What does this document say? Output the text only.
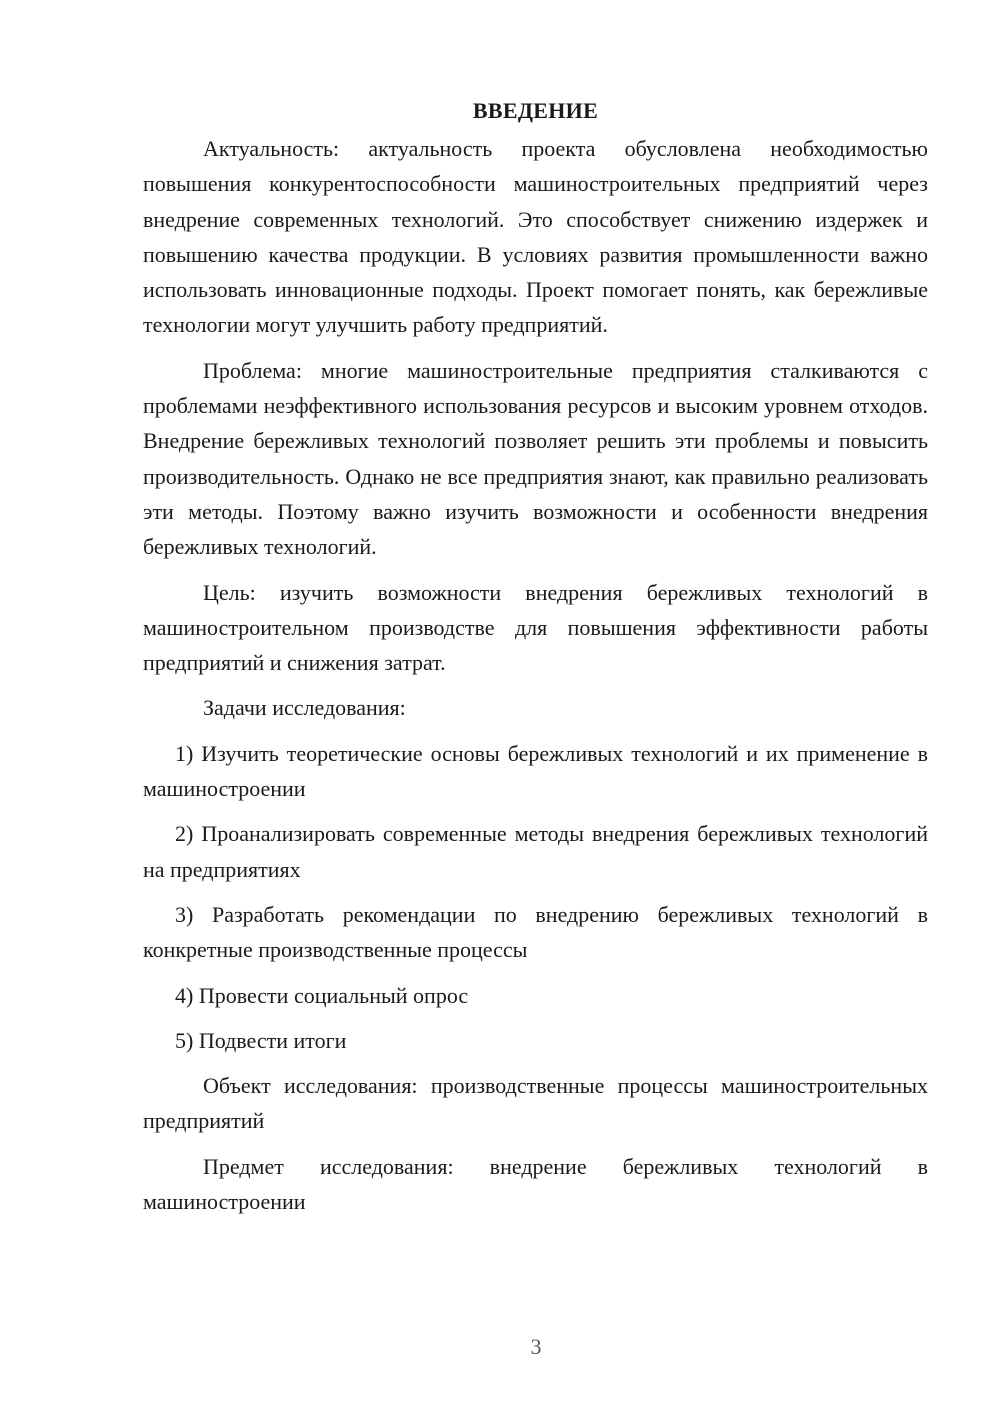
ВВЕДЕНИЕ

Актуальность: актуальность проекта обусловлена необходимостью повышения конкурентоспособности машиностроительных предприятий через внедрение современных технологий. Это способствует снижению издержек и повышению качества продукции. В условиях развития промышленности важно использовать инновационные подходы. Проект помогает понять, как бережливые технологии могут улучшить работу предприятий.

Проблема: многие машиностроительные предприятия сталкиваются с проблемами неэффективного использования ресурсов и высоким уровнем отходов. Внедрение бережливых технологий позволяет решить эти проблемы и повысить производительность. Однако не все предприятия знают, как правильно реализовать эти методы. Поэтому важно изучить возможности и особенности внедрения бережливых технологий.

Цель: изучить возможности внедрения бережливых технологий в машиностроительном производстве для повышения эффективности работы предприятий и снижения затрат.

Задачи исследования:

1) Изучить теоретические основы бережливых технологий и их применение в машиностроении

2) Проанализировать современные методы внедрения бережливых технологий на предприятиях

3) Разработать рекомендации по внедрению бережливых технологий в конкретные производственные процессы

4) Провести социальный опрос

5) Подвести итоги

Объект исследования: производственные процессы машиностроительных предприятий

Предмет исследования: внедрение бережливых технологий в машиностроении

3
